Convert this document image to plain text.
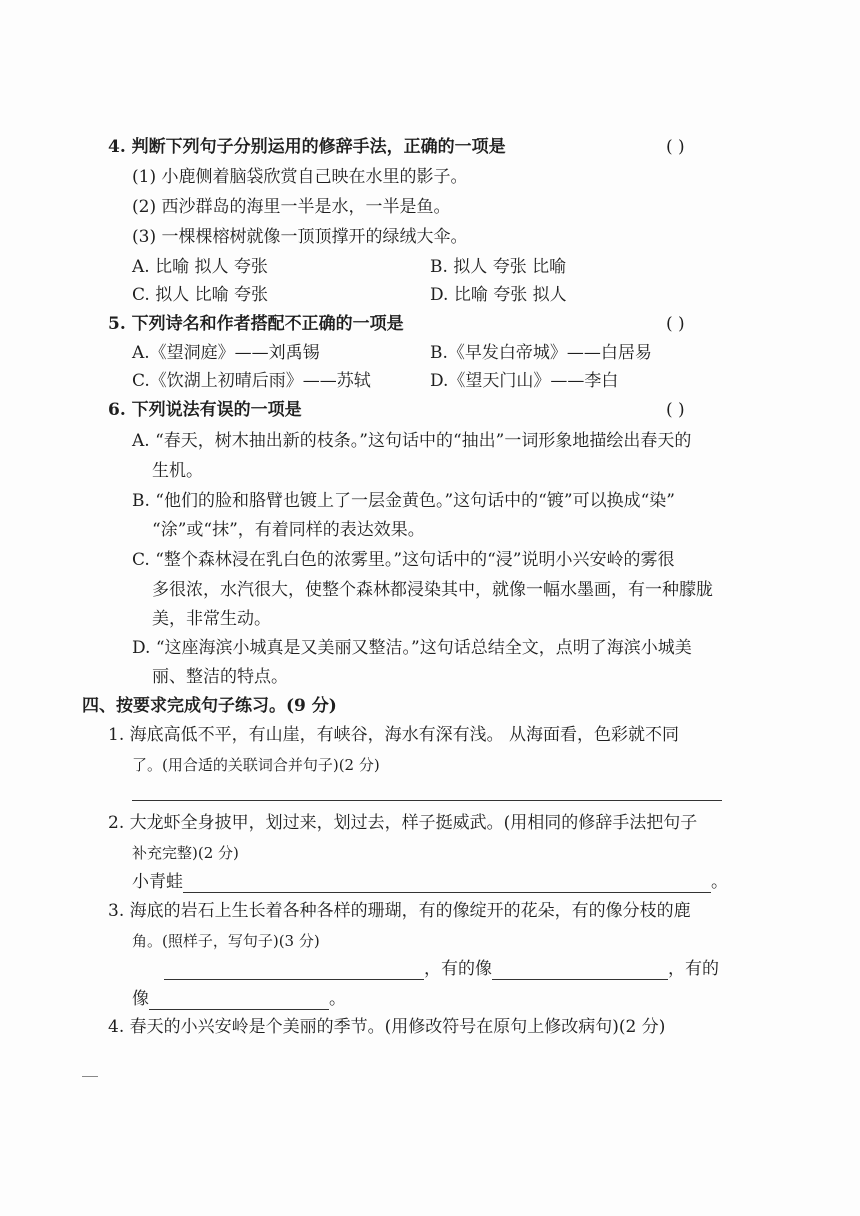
4. 判断下列句子分别运用的修辞手法，正确的一项是	( )
(1) 小鹿侧着脑袋欣赏自己映在水里的影子。
(2) 西沙群岛的海里一半是水，一半是鱼。
(3) 一棵棵榕树就像一顶顶撑开的绿绒大伞。
A. 比喻 拟人 夸张	B. 拟人 夸张 比喻
C. 拟人 比喻 夸张	D. 比喻 夸张 拟人
5. 下列诗名和作者搭配不正确的一项是	( )
A.《望洞庭》——刘禹锡	B.《早发白帝城》——白居易
C.《饮湖上初晴后雨》——苏轼	D.《望天门山》——李白
6. 下列说法有误的一项是	( )
A. “春天，树木抽出新的枝条。”这句话中的“抽出”一词形象地描绘出春天的
生机。
B. “他们的脸和胳臂也镀上了一层金黄色。”这句话中的“镀”可以换成“染”
“涂”或“抹”，有着同样的表达效果。
C. “整个森林浸在乳白色的浓雾里。”这句话中的“浸”说明小兴安岭的雾很
多很浓，水汽很大，使整个森林都浸染其中，就像一幅水墨画，有一种朦胧
美，非常生动。
D. “这座海滨小城真是又美丽又整洁。”这句话总结全文，点明了海滨小城美
丽、整洁的特点。
四、按要求完成句子练习。(9 分)
1. 海底高低不平，有山崖，有峡谷，海水有深有浅。 从海面看，色彩就不同
了。(用合适的关联词合并句子)(2 分)
2. 大龙虾全身披甲，划过来，划过去，样子挺威武。(用相同的修辞手法把句子
补充完整)(2 分)
小青蛙	。
3. 海底的岩石上生长着各种各样的珊瑚，有的像绽开的花朵，有的像分枝的鹿
角。(照样子，写句子)(3 分)
，有的像	，有的
像	。
4. 春天的小兴安岭是个美丽的季节。(用修改符号在原句上修改病句)(2 分)
